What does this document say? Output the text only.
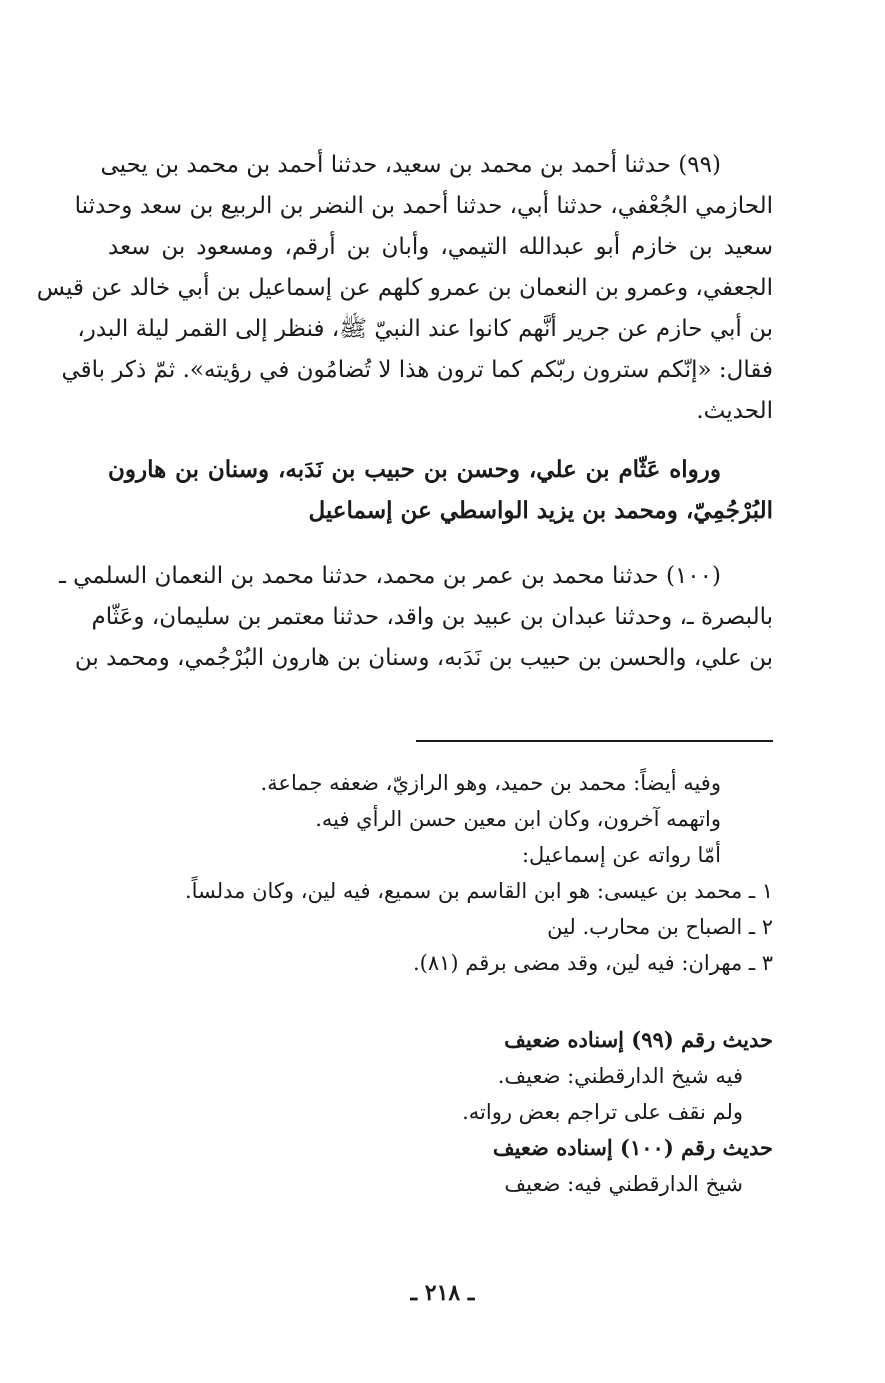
(٩٩) حدثنا أحمد بن محمد بن سعيد، حدثنا أحمد بن محمد بن يحيى
الحازمي الجُعْفي، حدثنا أبي، حدثنا أحمد بن النضر بن الربيع بن سعد وحدثنا
سعيد بن خازم أبو عبدالله التيمي، وأبان بن أرقم، ومسعود بن سعد
الجعفي، وعمرو بن النعمان بن عمرو كلهم عن إسماعيل بن أبي خالد عن قيس
بن أبي حازم عن جرير أنَّهم كانوا عند النبيّ ﷺ، فنظر إلى القمر ليلة البدر،
فقال: «إنّكم سترون ربّكم كما ترون هذا لا تُضامُون في رؤيته». ثمّ ذكر باقي
الحديث.
ورواه عَثّام بن علي، وحسن بن حبيب بن نَدَبه، وسنان بن هارون
البُرْجُمِيّ، ومحمد بن يزيد الواسطي عن إسماعيل
(١٠٠) حدثنا محمد بن عمر بن محمد، حدثنا محمد بن النعمان السلمي ـ
بالبصرة ـ، وحدثنا عبدان بن عبيد بن واقد، حدثنا معتمر بن سليمان، وعَثّام
بن علي، والحسن بن حبيب بن نَدَبه، وسنان بن هارون البُرْجُمي، ومحمد بن
وفيه أيضاً: محمد بن حميد، وهو الرازيّ، ضعفه جماعة.
واتهمه آخرون، وكان ابن معين حسن الرأي فيه.
أمّا رواته عن إسماعيل:
١ ـ محمد بن عيسى: هو ابن القاسم بن سميع، فيه لين، وكان مدلساً.
٢ ـ الصباح بن محارب. لين
٣ ـ مهران: فيه لين، وقد مضى برقم (٨١).
حديث رقم (٩٩) إسناده ضعيف
فيه شيخ الدارقطني: ضعيف.
ولم نقف على تراجم بعض رواته.
حديث رقم (١٠٠) إسناده ضعيف
شيخ الدارقطني فيه: ضعيف
ـ ٢١٨ ـ
